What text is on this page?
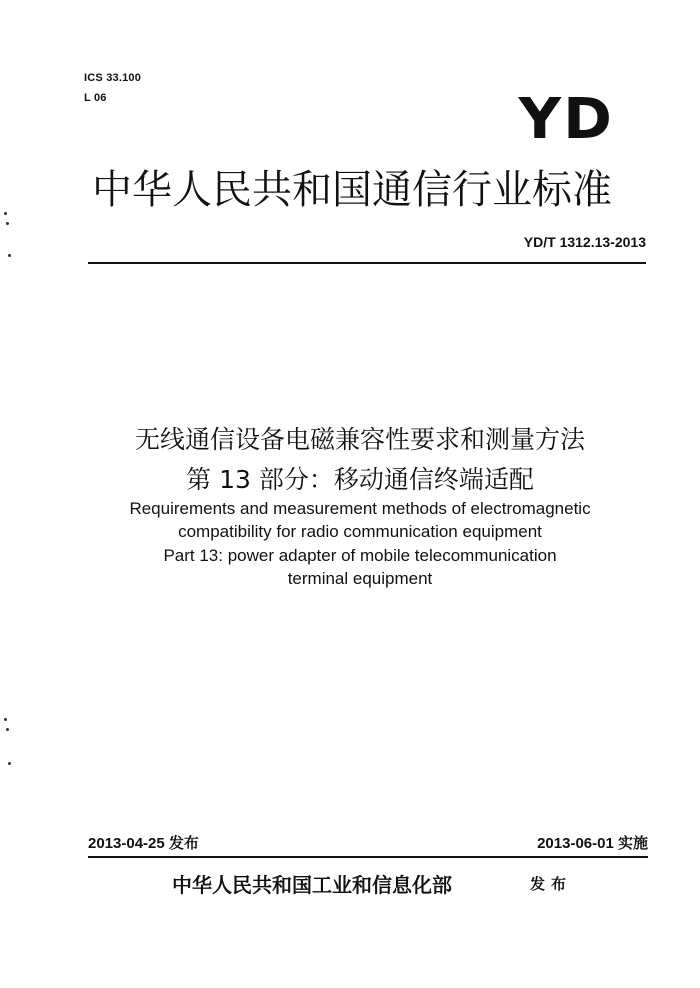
ICS 33.100
L 06	YD
中华人民共和国通信行业标准
YD/T 1312.13-2013
无线通信设备电磁兼容性要求和测量方法
第 13 部分：移动通信终端适配
Requirements and measurement methods of electromagnetic
compatibility for radio communication equipment
Part 13: power adapter of mobile telecommunication
terminal equipment
2013-04-25 发布	2013-06-01 实施
中华人民共和国工业和信息化部	发布
